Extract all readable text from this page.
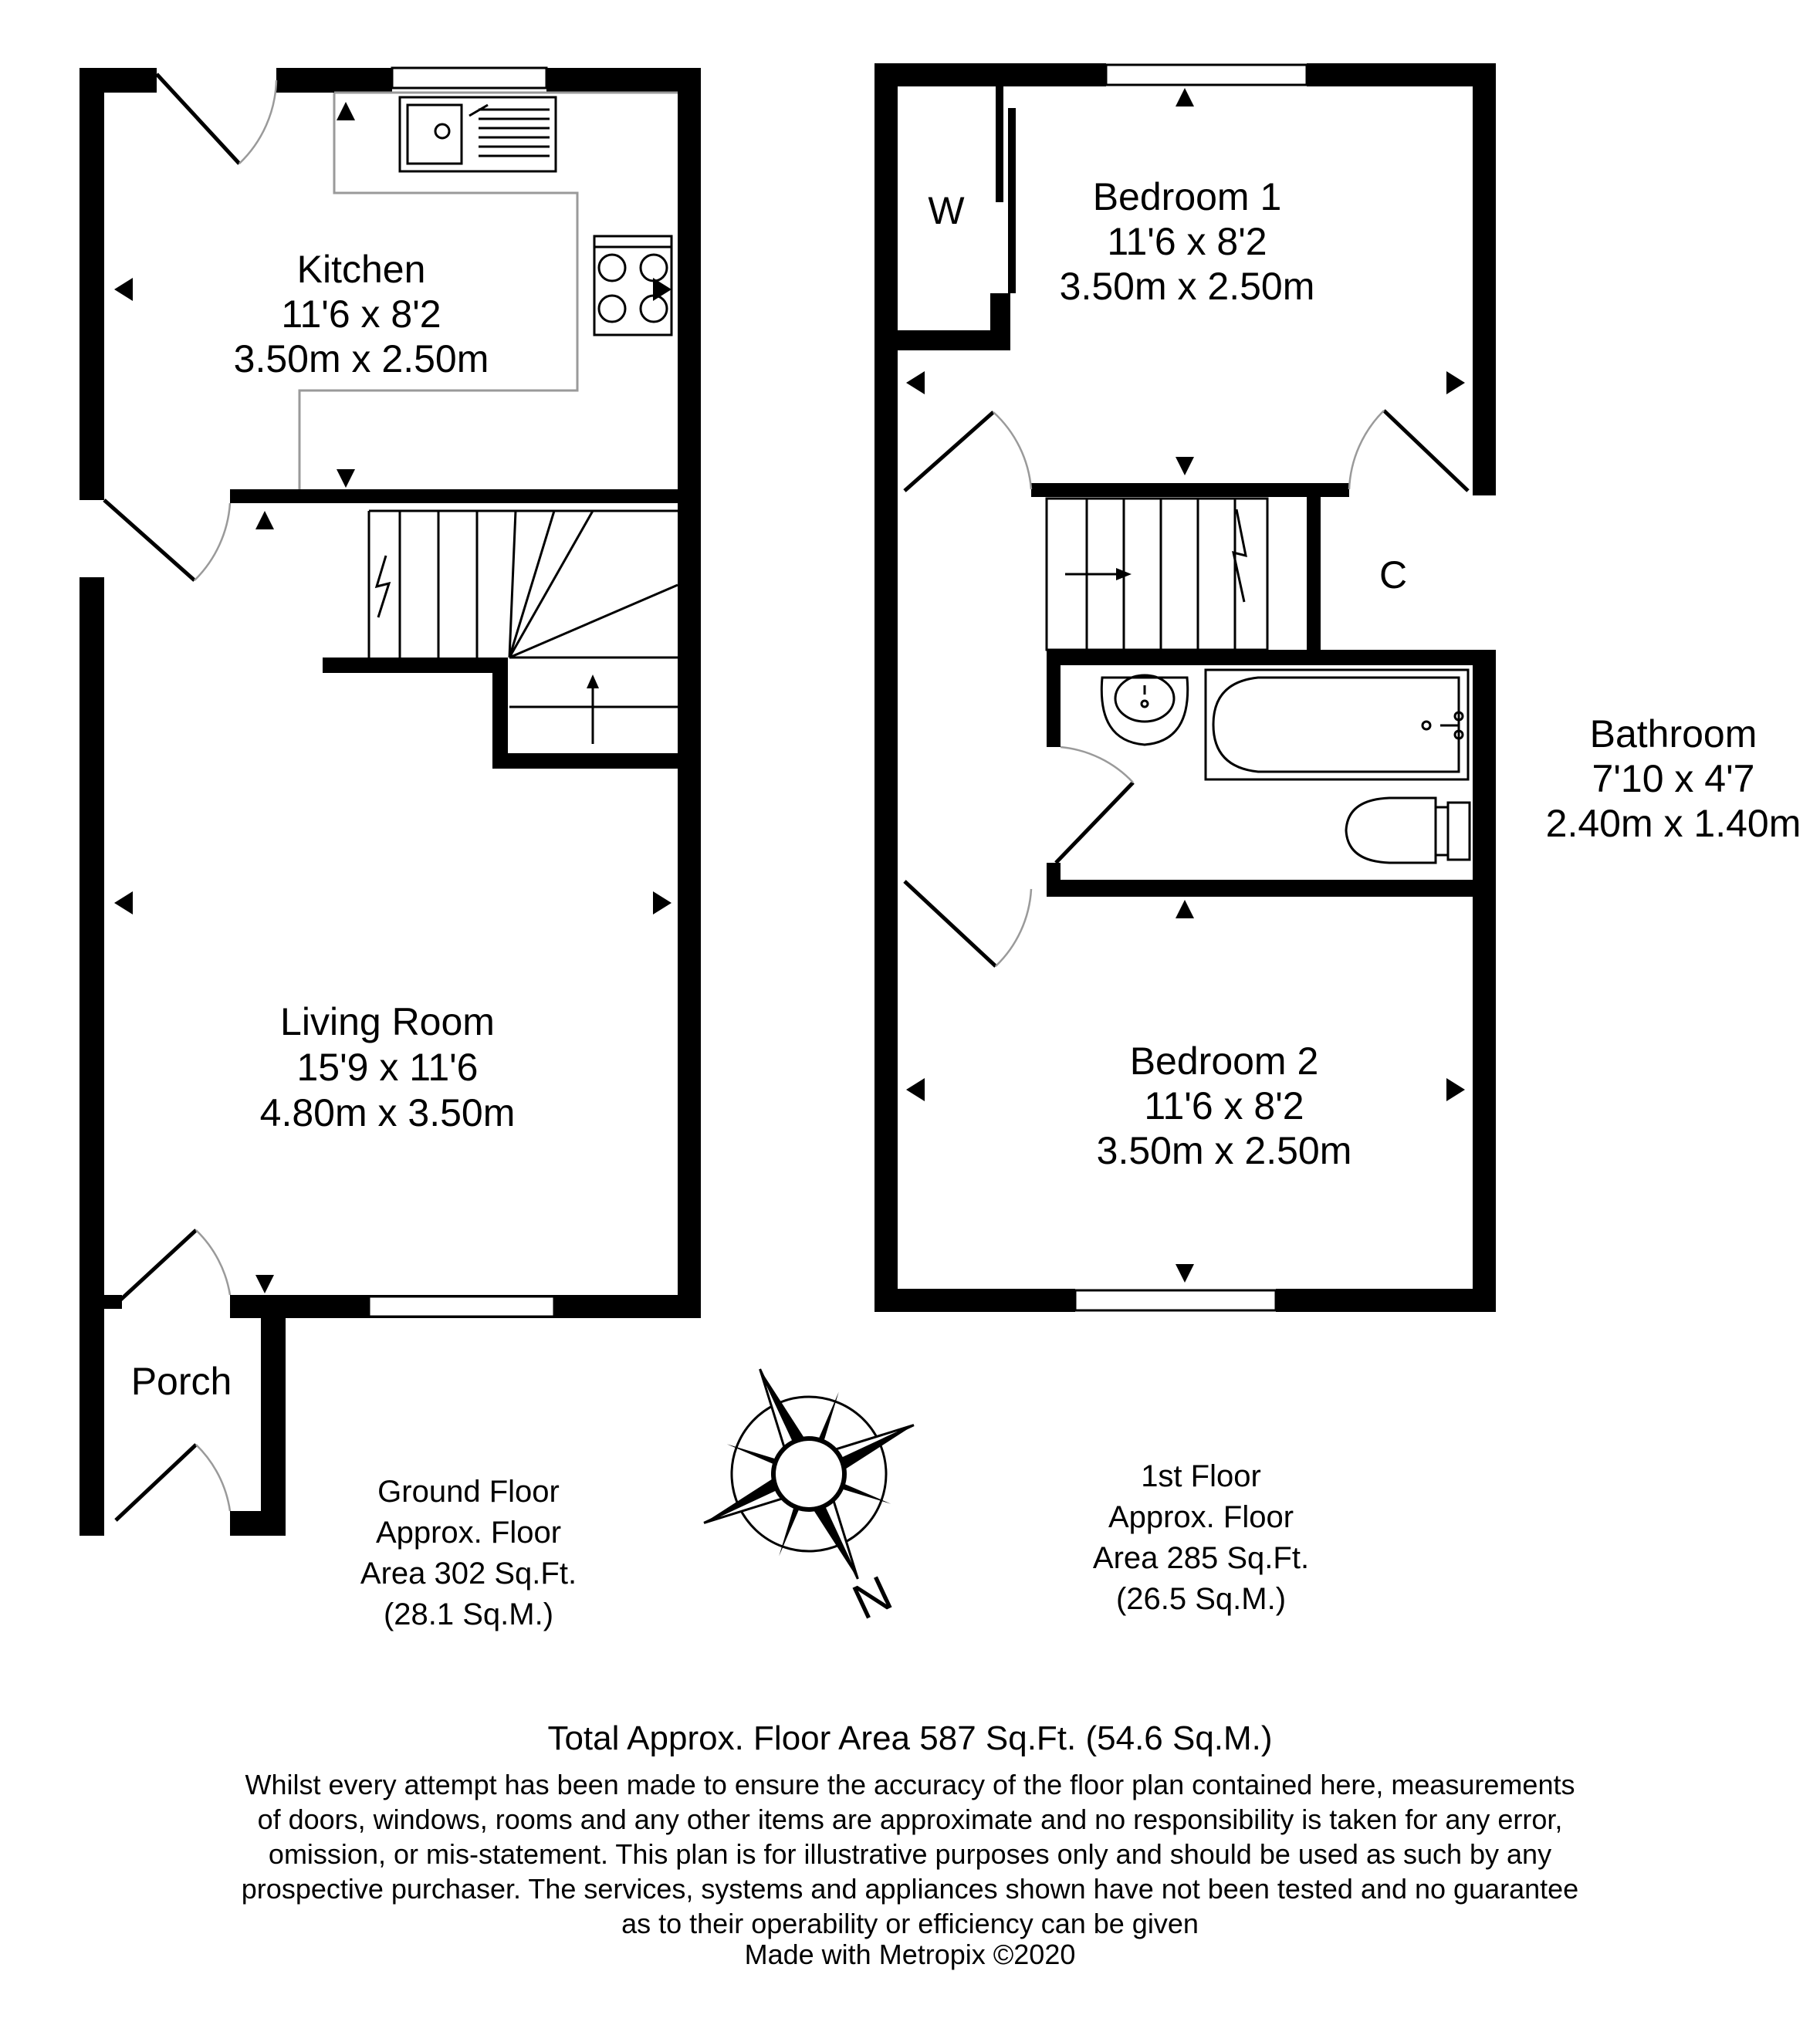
Kitchen
11'6 x 8'2
3.50m x 2.50m
Living Room
15'9 x 11'6
4.80m x 3.50m
Porch
Ground Floor
Approx. Floor
Area 302 Sq.Ft.
(28.1 Sq.M.)
W	Bedroom 1
11'6 x 8'2
3.50m x 2.50m
C
Bathroom
7'10 x 4'7
2.40m x 1.40m
Bedroom 2
11'6 x 8'2
3.50m x 2.50m
1st Floor
Approx. Floor
Area 285 Sq.Ft.
(26.5 Sq.M.)
N
Total Approx. Floor Area 587 Sq.Ft. (54.6 Sq.M.)
Whilst every attempt has been made to ensure the accuracy of the floor plan contained here, measurements
of doors, windows, rooms and any other items are approximate and no responsibility is taken for any error,
omission, or mis-statement. This plan is for illustrative purposes only and should be used as such by any
prospective purchaser. The services, systems and appliances shown have not been tested and no guarantee
as to their operability or efficiency can be given
Made with Metropix ©2020
